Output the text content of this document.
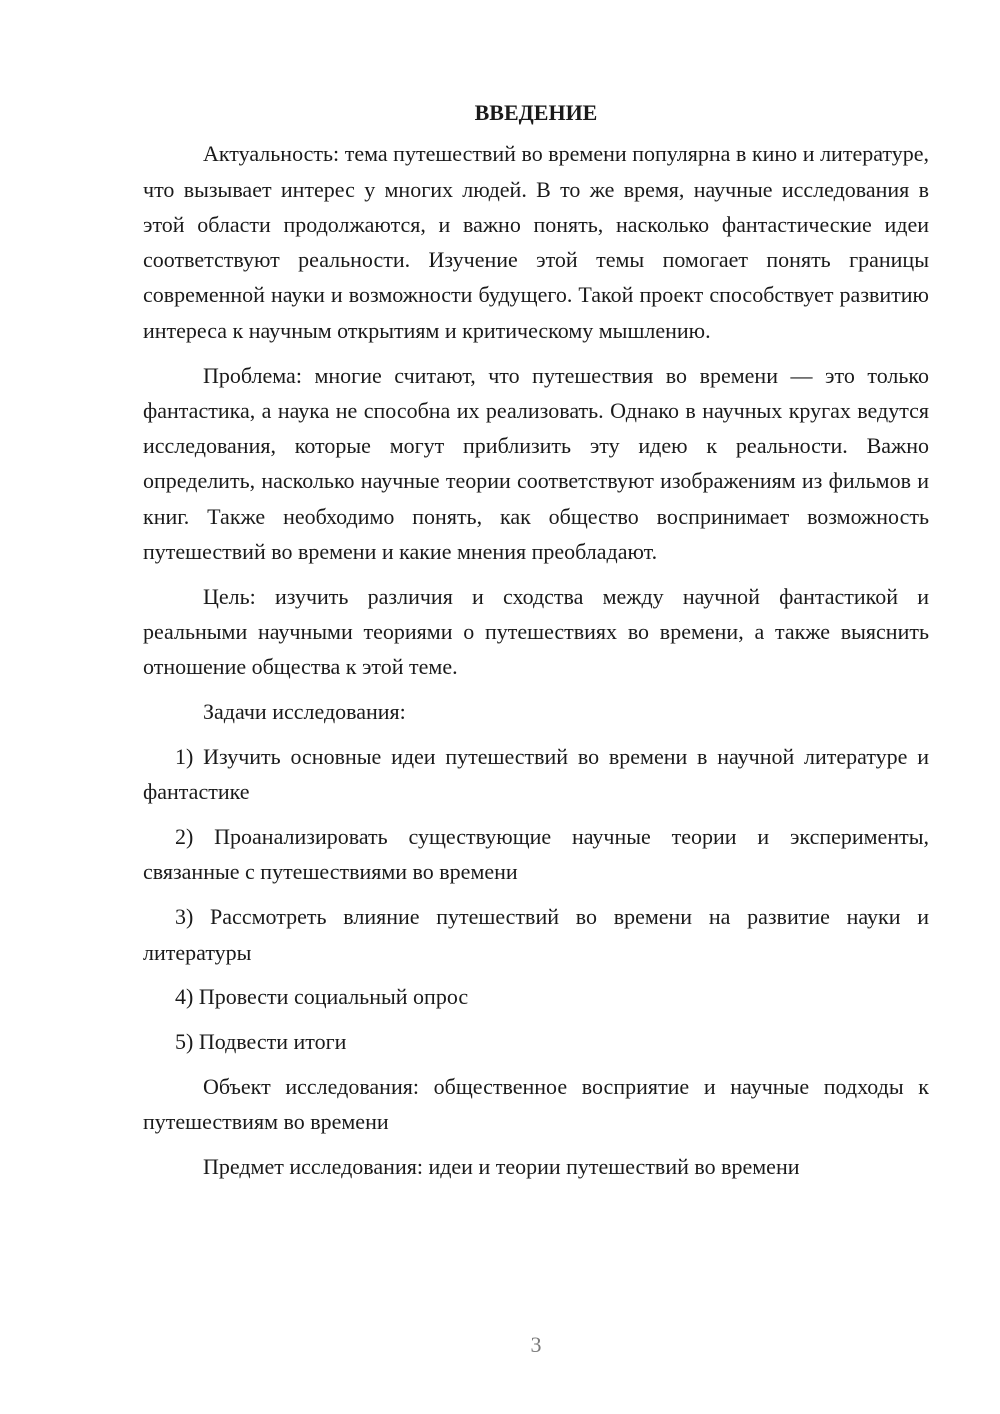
ВВЕДЕНИЕ

Актуальность: тема путешествий во времени популярна в кино и литературе, что вызывает интерес у многих людей. В то же время, научные исследования в этой области продолжаются, и важно понять, насколько фантастические идеи соответствуют реальности. Изучение этой темы помогает понять границы современной науки и возможности будущего. Такой проект способствует развитию интереса к научным открытиям и критическому мышлению.

Проблема: многие считают, что путешествия во времени — это только фантастика, а наука не способна их реализовать. Однако в научных кругах ведутся исследования, которые могут приблизить эту идею к реальности. Важно определить, насколько научные теории соответствуют изображениям из фильмов и книг. Также необходимо понять, как общество воспринимает возможность путешествий во времени и какие мнения преобладают.

Цель: изучить различия и сходства между научной фантастикой и реальными научными теориями о путешествиях во времени, а также выяснить отношение общества к этой теме.

Задачи исследования:

1) Изучить основные идеи путешествий во времени в научной литературе и фантастике

2) Проанализировать существующие научные теории и эксперименты, связанные с путешествиями во времени

3) Рассмотреть влияние путешествий во времени на развитие науки и литературы

4) Провести социальный опрос

5) Подвести итоги

Объект исследования: общественное восприятие и научные подходы к путешествиям во времени

Предмет исследования: идеи и теории путешествий во времени

3
